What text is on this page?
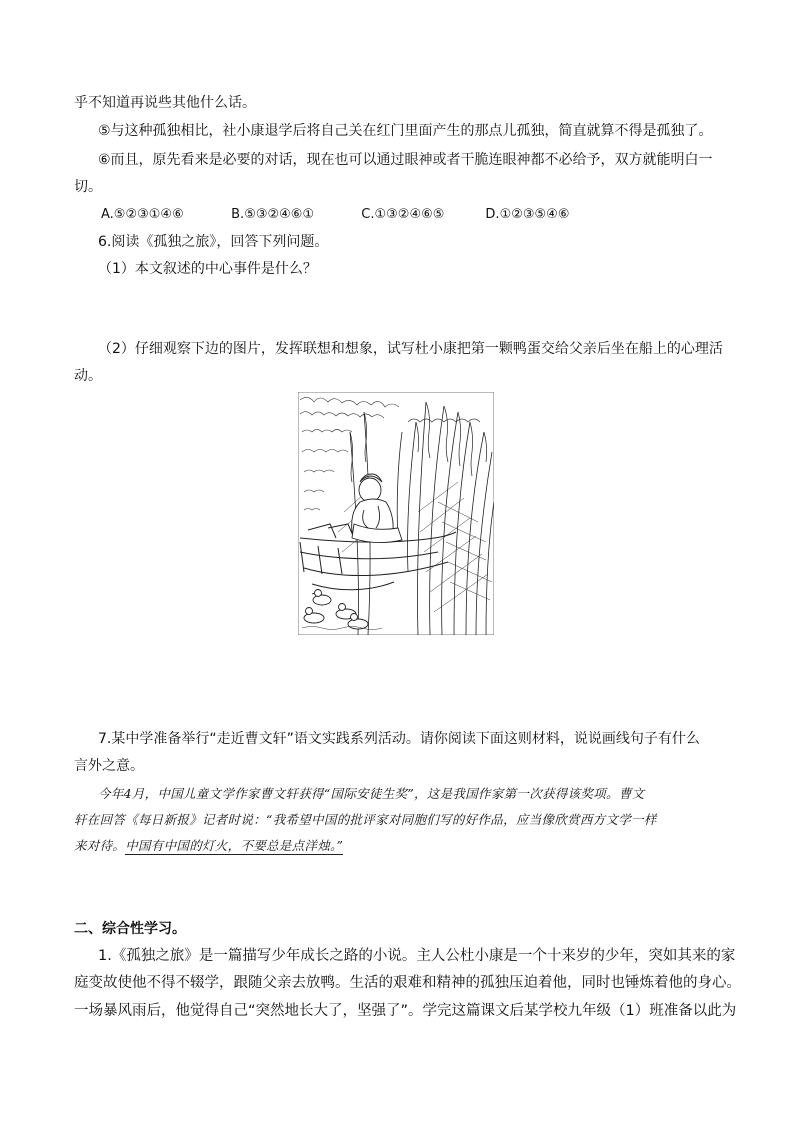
乎不知道再说些其他什么话。
⑤与这种孤独相比，社小康退学后将自己关在红门里面产生的那点儿孤独，简直就算不得是孤独了。
⑥而且，原先看来是必要的对话，现在也可以通过眼神或者干脆连眼神都不必给予，双方就能明白一
切。
A.⑤②③①④⑥	B.⑤③②④⑥①	C.①③②④⑥⑤	D.①②③⑤④⑥
6.阅读《孤独之旅》，回答下列问题。
（1）本文叙述的中心事件是什么？
（2）仔细观察下边的图片，发挥联想和想象，试写杜小康把第一颗鸭蛋交给父亲后坐在船上的心理活
动。
7.某中学准备举行“走近曹文轩”语文实践系列活动。请你阅读下面这则材料，说说画线句子有什么
言外之意。
今年4月，中国儿童文学作家曹文轩获得“国际安徒生奖”，这是我国作家第一次获得该奖项。曹文
轩在回答《每日新报》记者时说：“我希望中国的批评家对同胞们写的好作品，应当像欣赏西方文学一样
来对待。中国有中国的灯火，不要总是点洋烛。”
二、综合性学习。
1.《孤独之旅》是一篇描写少年成长之路的小说。主人公杜小康是一个十来岁的少年，突如其来的家
庭变故使他不得不辍学，跟随父亲去放鸭。生活的艰难和精神的孤独压迫着他，同时也锤炼着他的身心。
一场暴风雨后，他觉得自己“突然地长大了，坚强了”。学完这篇课文后某学校九年级（1）班准备以此为
